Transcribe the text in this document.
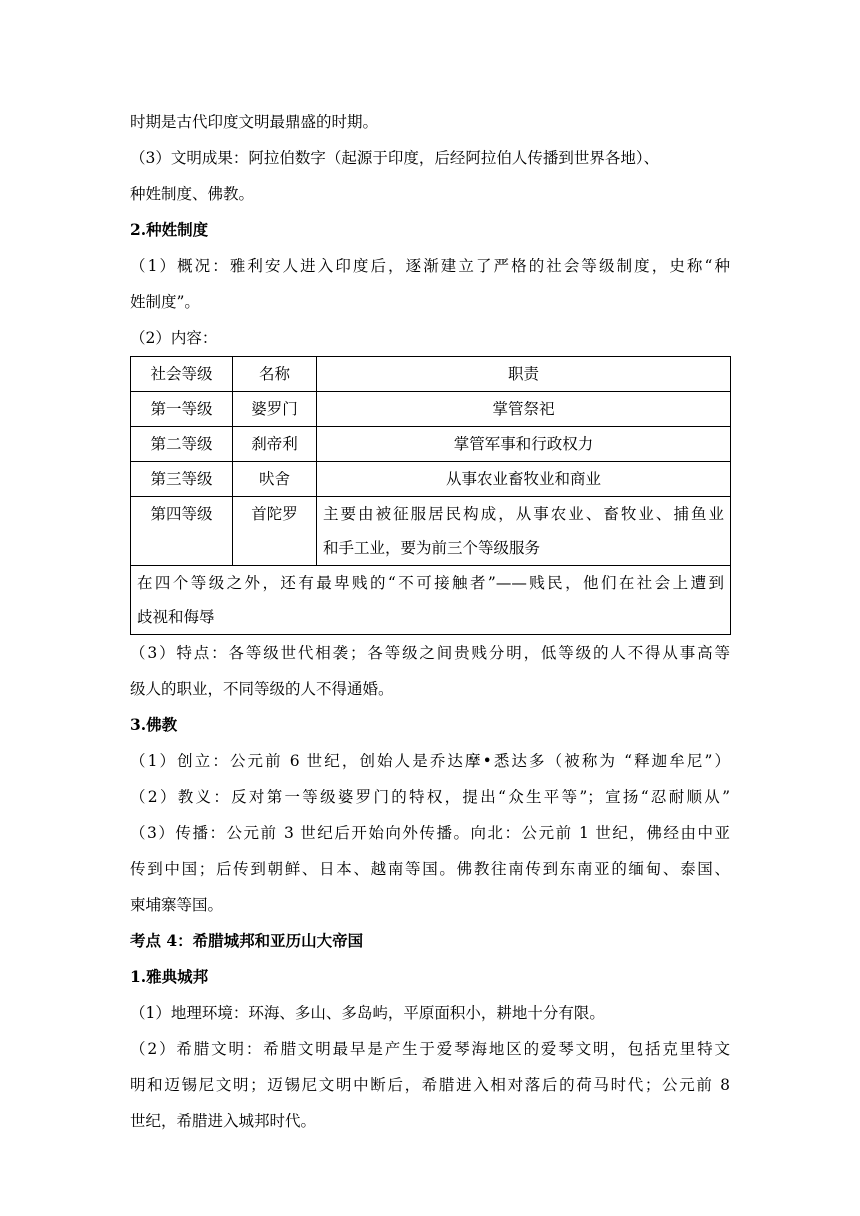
时期是古代印度文明最鼎盛的时期。
（3）文明成果：阿拉伯数字（起源于印度，后经阿拉伯人传播到世界各地）、
种姓制度、佛教。
2.种姓制度
（1）概况：雅利安人进入印度后，逐渐建立了严格的社会等级制度，史称“种
姓制度”。
（2）内容：
社会等级	名称	职责
第一等级	婆罗门	掌管祭祀
第二等级	刹帝利	掌管军事和行政权力
第三等级	吠舍	从事农业畜牧业和商业
第四等级	首陀罗	主要由被征服居民构成，从事农业、畜牧业、捕鱼业
和手工业，要为前三个等级服务

在四个等级之外，还有最卑贱的“不可接触者”——贱民，他们在社会上遭到
歧视和侮辱		
（3）特点：各等级世代相袭；各等级之间贵贱分明，低等级的人不得从事高等
级人的职业，不同等级的人不得通婚。
3.佛教
（1）创立：公元前 6 世纪，创始人是乔达摩•悉达多（被称为 “释迦牟尼”）
（2）教义：反对第一等级婆罗门的特权，提出“众生平等”；宣扬“忍耐顺从”
（3）传播：公元前 3 世纪后开始向外传播。向北：公元前 1 世纪，佛经由中亚
传到中国；后传到朝鲜、日本、越南等国。佛教往南传到东南亚的缅甸、泰国、
柬埔寨等国。
考点 4：希腊城邦和亚历山大帝国
1.雅典城邦
（1）地理环境：环海、多山、多岛屿，平原面积小，耕地十分有限。
（2）希腊文明：希腊文明最早是产生于爱琴海地区的爱琴文明，包括克里特文
明和迈锡尼文明；迈锡尼文明中断后，希腊进入相对落后的荷马时代；公元前 8
世纪，希腊进入城邦时代。
